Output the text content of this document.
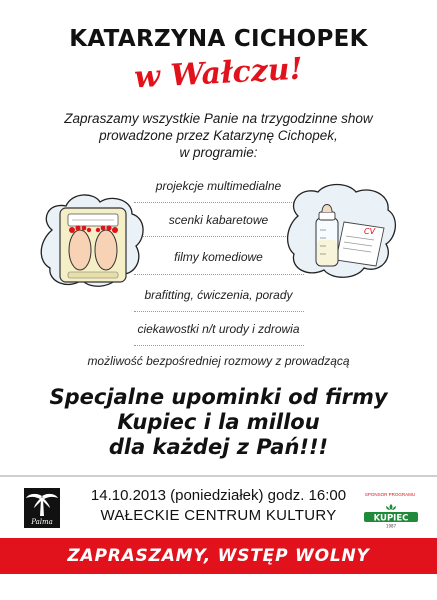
KATARZYNA CICHOPEK
w Wałczu!
Zapraszamy wszystkie Panie na trzygodzinne show
prowadzone przez Katarzynę Cichopek,
w programie:
projekcje multimedialne
scenki kabaretowe
filmy komediowe
brafitting, ćwiczenia, porady
ciekawostki n/t urody i zdrowia
możliwość bezpośredniej rozmowy z prowadzącą
CV
Specjalne upominki od firmy
Kupiec i la millou
dla każdej z Pań!!!
Palma
14.10.2013 (poniedziałek) godz. 16:00
WAŁECKIE CENTRUM KULTURY
SPONSOR PROGRAMU
KUPIEC
1987
ZAPRASZAMY, WSTĘP WOLNY
